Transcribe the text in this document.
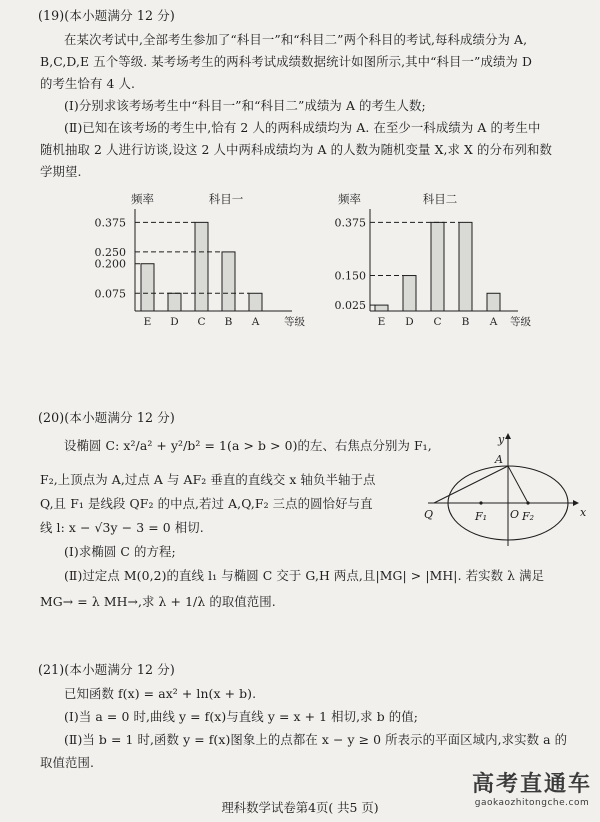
(19)(本小题满分 12 分)
在某次考试中,全部考生参加了“科目一”和“科目二”两个科目的考试,每科成绩分为 A,
B,C,D,E 五个等级. 某考场考生的两科考试成绩数据统计如图所示,其中“科目一”成绩为 D
的考生恰有 4 人.
(Ⅰ)分别求该考场考生中“科目一”和“科目二”成绩为 A 的考生人数;
(Ⅱ)已知在该考场的考生中,恰有 2 人的两科成绩均为 A. 在至少一科成绩为 A 的考生中
随机抽取 2 人进行访谈,设这 2 人中两科成绩均为 A 的人数为随机变量 X,求 X 的分布列和数
学期望.
频率	科目一
E D C B A
0.375
0.250
0.200
0.075
等级
频率	科目二
E D C B A
0.375
0.150
0.025
等级
(20)(本小题满分 12 分)
设椭圆 C: x²/a² + y²/b² = 1(a > b > 0)的左、右焦点分别为 F₁,
F₂,上顶点为 A,过点 A 与 AF₂ 垂直的直线交 x 轴负半轴于点
Q,且 F₁ 是线段 QF₂ 的中点,若过 A,Q,F₂ 三点的圆恰好与直
线 l: x − √3y − 3 = 0 相切.
(Ⅰ)求椭圆 C 的方程;
(Ⅱ)过定点 M(0,2)的直线 l₁ 与椭圆 C 交于 G,H 两点,且|MG| > |MH|. 若实数 λ 满足
MG→ = λ MH→,求 λ + 1/λ 的取值范围.
y
x
A
Q	O
F₁	F₂
(21)(本小题满分 12 分)
已知函数 f(x) = ax² + ln(x + b).
(Ⅰ)当 a = 0 时,曲线 y = f(x)与直线 y = x + 1 相切,求 b 的值;
(Ⅱ)当 b = 1 时,函数 y = f(x)图象上的点都在 x − y ≥ 0 所表示的平面区域内,求实数 a 的
取值范围.
理科数学试卷第4页( 共5 页)
高考直通车
gaokaozhitongche.com
